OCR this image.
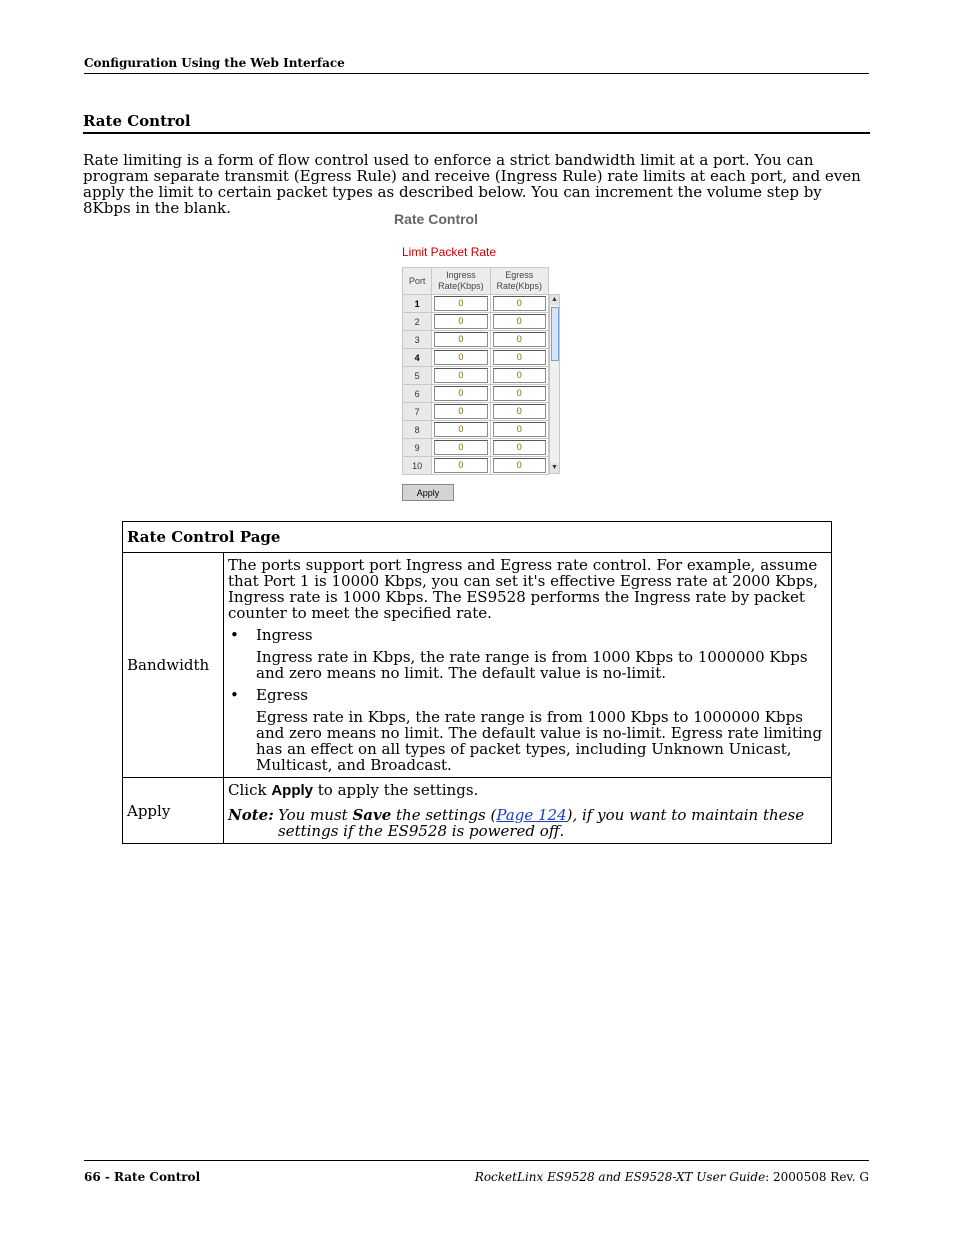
Configuration Using the Web Interface
Rate Control

Rate limiting is a form of flow control used to enforce a strict bandwidth limit at a port. You can program separate transmit (Egress Rule) and receive (Ingress Rule) rate limits at each port, and even apply the limit to certain packet types as described below. You can increment the volume step by 8Kbps in the blank.

Rate Control
Limit Packet Rate
Port	Ingress Rate(Kbps)	Egress Rate(Kbps)
1	0	0

2	0	0

3	0	0

4	0	0

5	0	0

6	0	0

7	0	0

8	0	0

9	0	0

10	0	0
▲
▼
Apply
Rate Control Page	
Bandwidth	The ports support port Ingress and Egress rate control. For example, assume that Port 1 is 10000 Kbps, you can set it's effective Egress rate at 2000 Kbps, Ingress rate is 1000 Kbps. The ES9528 performs the Ingress rate by packet counter to meet the specified rate.

• Ingress

Ingress rate in Kbps, the rate range is from 1000 Kbps to 1000000 Kbps and zero means no limit. The default value is no-limit.

• Egress

Egress rate in Kbps, the rate range is from 1000 Kbps to 1000000 Kbps and zero means no limit. The default value is no-limit. Egress rate limiting has an effect on all types of packet types, including Unknown Unicast, Multicast, and Broadcast.

Apply	Click Apply to apply the settings.

Note: You must Save the settings (Page 124), if you want to maintain these settings if the ES9528 is powered off.
66 - Rate Control	RocketLinx ES9528 and ES9528-XT User Guide: 2000508 Rev. G
